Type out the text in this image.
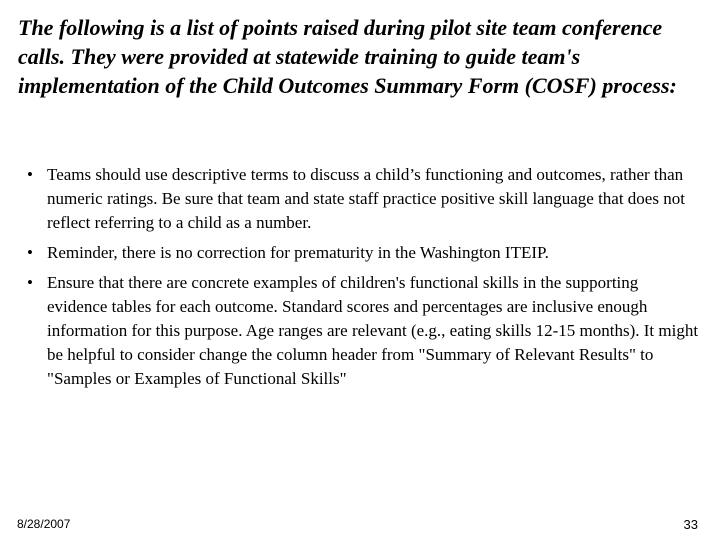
The following is a list of points raised during pilot site team conference calls. They were provided at statewide training to guide team's implementation of the Child Outcomes Summary Form (COSF) process:
• Teams should use descriptive terms to discuss a child’s functioning and outcomes, rather than numeric ratings. Be sure that team and state staff practice positive skill language that does not reflect referring to a child as a number.
• Reminder, there is no correction for prematurity in the Washington ITEIP.
• Ensure that there are concrete examples of children's functional skills in the supporting evidence tables for each outcome. Standard scores and percentages are inclusive enough information for this purpose. Age ranges are relevant (e.g., eating skills 12-15 months). It might be helpful to consider change the column header from "Summary of Relevant Results" to "Samples or Examples of Functional Skills"
8/28/2007	33
